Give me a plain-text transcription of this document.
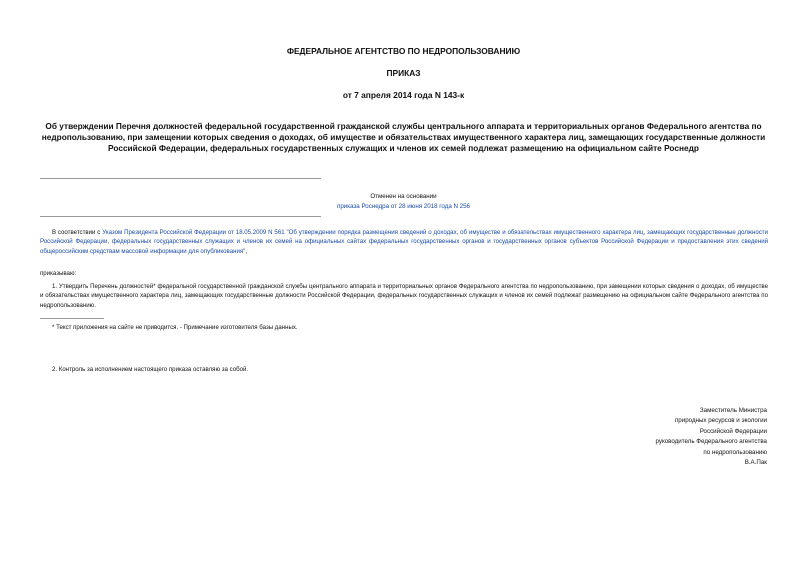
ФЕДЕРАЛЬНОЕ АГЕНТСТВО ПО НЕДРОПОЛЬЗОВАНИЮ
ПРИКАЗ
от 7 апреля 2014 года N 143-к
Об утверждении Перечня должностей федеральной государственной гражданской службы центрального аппарата и территориальных органов Федерального агентства по недропользованию, при замещении которых сведения о доходах, об имуществе и обязательствах имущественного характера лиц, замещающих государственные должности Российской Федерации, федеральных государственных служащих и членов их семей подлежат размещению на официальном сайте Роснедр
Отменен на основании
приказа Роснедра от 28 июня 2018 года N 256
В соответствии с Указом Президента Российской Федерации от 18.05.2009 N 561 "Об утверждении порядка размещения сведений о доходах, об имуществе и обязательствах имущественного характера лиц, замещающих государственные должности Российской Федерации, федеральных государственных служащих и членов их семей на официальных сайтах федеральных государственных органов и государственных органов субъектов Российской Федерации и предоставления этих сведений общероссийским средствам массовой информации для опубликования",
приказываю:
1. Утвердить Перечень должностей* федеральной государственной гражданской службы центрального аппарата и территориальных органов Федерального агентства по недропользованию, при замещении которых сведения о доходах, об имуществе и обязательствах имущественного характера лиц, замещающих государственные должности Российской Федерации, федеральных государственных служащих и членов их семей подлежат размещению на официальном сайте Федерального агентства по недропользованию.
* Текст приложения на сайте не приводится. - Примечание изготовителя базы данных.
2. Контроль за исполнением настоящего приказа оставляю за собой.
Заместитель Министра
природных ресурсов и экологии
Российской Федерации
руководитель Федерального агентства
по недропользованию
В.А.Пак
